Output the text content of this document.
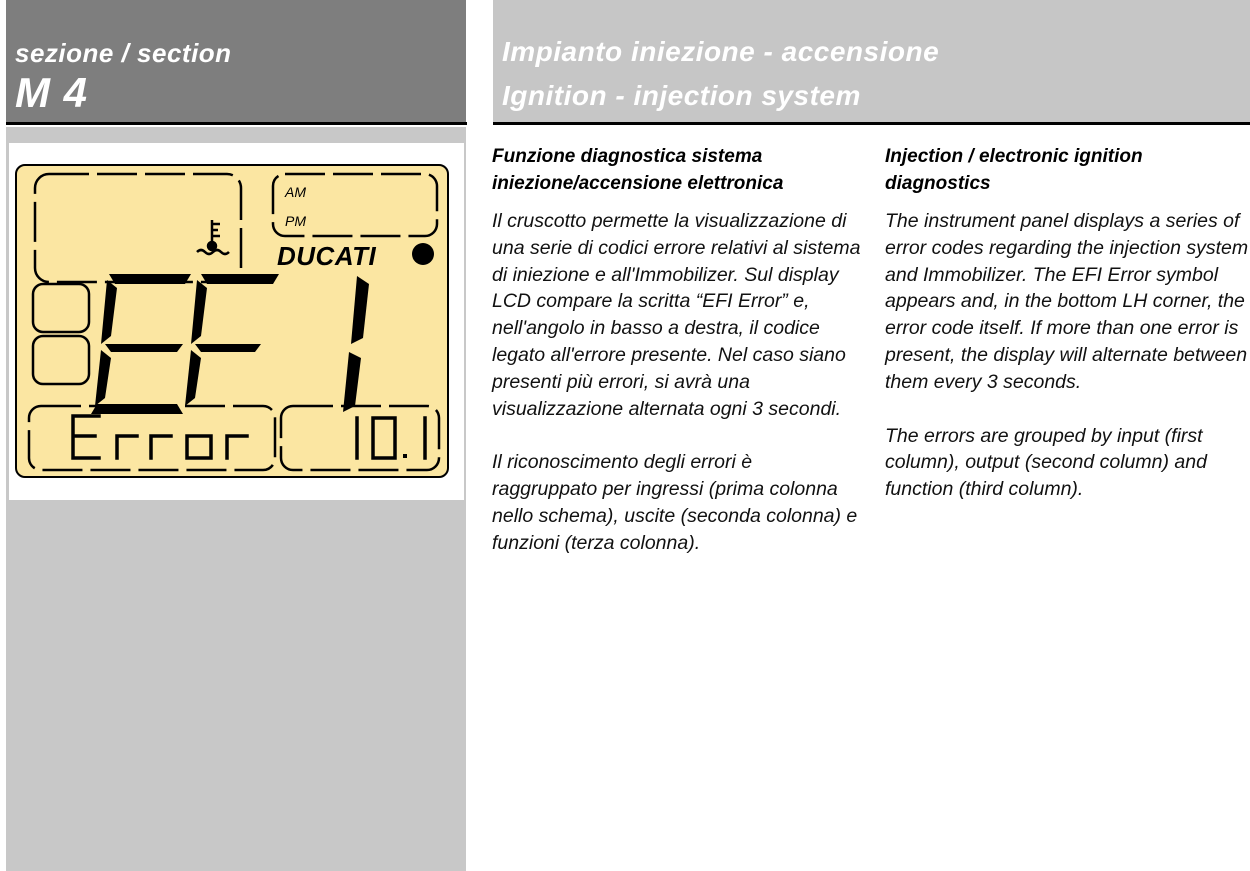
sezione / section

M 4

Impianto iniezione - accensione

Ignition - injection system

AM

PM

DUCATI

Funzione diagnostica sistema iniezione/accensione elettronica

Il cruscotto permette la visualizzazione di una serie di codici errore relativi al sistema di iniezione e all'Immobilizer. Sul display LCD compare la scritta “EFI Error” e, nell'angolo in basso a destra, il codice legato all'errore presente. Nel caso siano presenti più errori, si avrà una visualizzazione alternata ogni 3 secondi.

Il riconoscimento degli errori è raggruppato per ingressi (prima colonna nello schema), uscite (seconda colonna) e funzioni (terza colonna).

Injection / electronic ignition diagnostics

The instrument panel displays a series of error codes regarding the injection system and Immobilizer. The EFI Error symbol appears and, in the bottom LH corner, the error code itself. If more than one error is present, the display will alternate between them every 3 seconds.

The errors are grouped by input (first column), output (second column) and function (third column).
